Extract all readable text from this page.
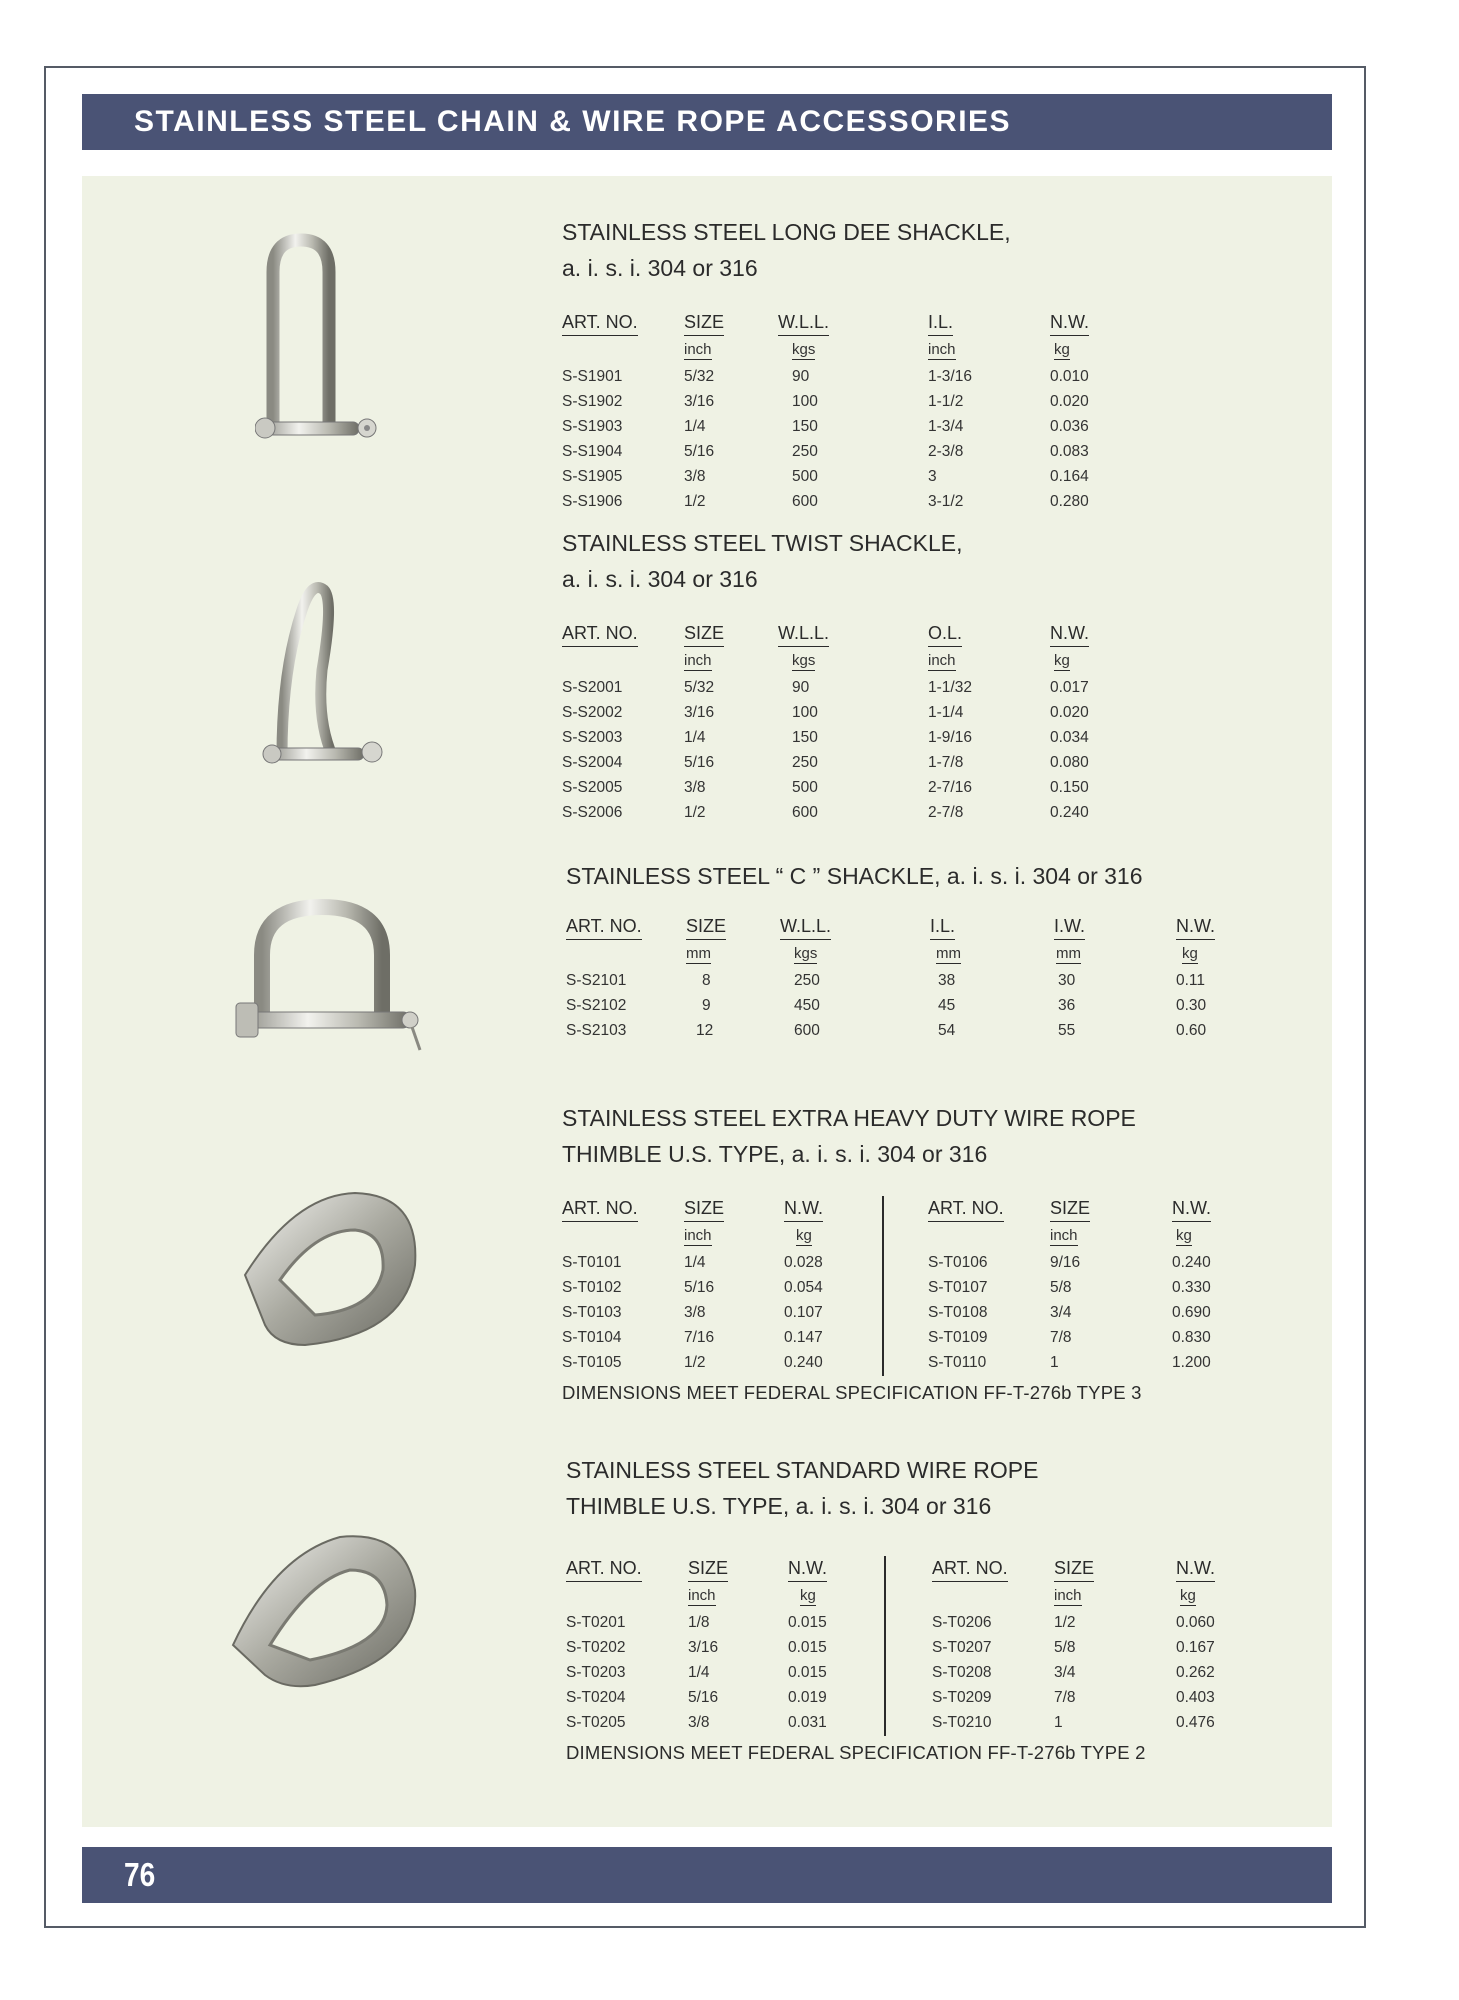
STAINLESS STEEL CHAIN & WIRE ROPE ACCESSORIES
STAINLESS STEEL LONG DEE SHACKLE,
a. i. s. i. 304 or 316
ART. NO.	SIZE	W.L.L.	I.L.	N.W.
	inch	kgs	inch	kg
S-S1901	5/32	90	1-3/16	0.010
S-S1902	3/16	100	1-1/2	0.020
S-S1903	1/4	150	1-3/4	0.036
S-S1904	5/16	250	2-3/8	0.083
S-S1905	3/8	500	3	0.164
S-S1906	1/2	600	3-1/2	0.280
STAINLESS STEEL TWIST SHACKLE,
a. i. s. i. 304 or 316
ART. NO.	SIZE	W.L.L.	O.L.	N.W.
	inch	kgs	inch	kg
S-S2001	5/32	90	1-1/32	0.017
S-S2002	3/16	100	1-1/4	0.020
S-S2003	1/4	150	1-9/16	0.034
S-S2004	5/16	250	1-7/8	0.080
S-S2005	3/8	500	2-7/16	0.150
S-S2006	1/2	600	2-7/8	0.240
STAINLESS STEEL “ C ” SHACKLE, a. i. s. i. 304 or 316
ART. NO.	SIZE	W.L.L.	I.L.	I.W.	N.W.
	mm	kgs	mm	mm	kg
S-S2101	8	250	38	30	0.11
S-S2102	9	450	45	36	0.30
S-S2103	12	600	54	55	0.60
STAINLESS STEEL EXTRA HEAVY DUTY WIRE ROPE
THIMBLE U.S. TYPE, a. i. s. i. 304 or 316
ART. NO.	SIZE	N.W.
	inch	kg
S-T0101	1/4	0.028
S-T0102	5/16	0.054
S-T0103	3/8	0.107
S-T0104	7/16	0.147
S-T0105	1/2	0.240
ART. NO.	SIZE	N.W.
	inch	kg
S-T0106	9/16	0.240
S-T0107	5/8	0.330
S-T0108	3/4	0.690
S-T0109	7/8	0.830
S-T0110	1	1.200
DIMENSIONS MEET FEDERAL SPECIFICATION FF-T-276b TYPE 3
STAINLESS STEEL STANDARD WIRE ROPE
THIMBLE U.S. TYPE, a. i. s. i. 304 or 316
ART. NO.	SIZE	N.W.
	inch	kg
S-T0201	1/8	0.015
S-T0202	3/16	0.015
S-T0203	1/4	0.015
S-T0204	5/16	0.019
S-T0205	3/8	0.031
ART. NO.	SIZE	N.W.
	inch	kg
S-T0206	1/2	0.060
S-T0207	5/8	0.167
S-T0208	3/4	0.262
S-T0209	7/8	0.403
S-T0210	1	0.476
DIMENSIONS MEET FEDERAL SPECIFICATION FF-T-276b TYPE 2
76
